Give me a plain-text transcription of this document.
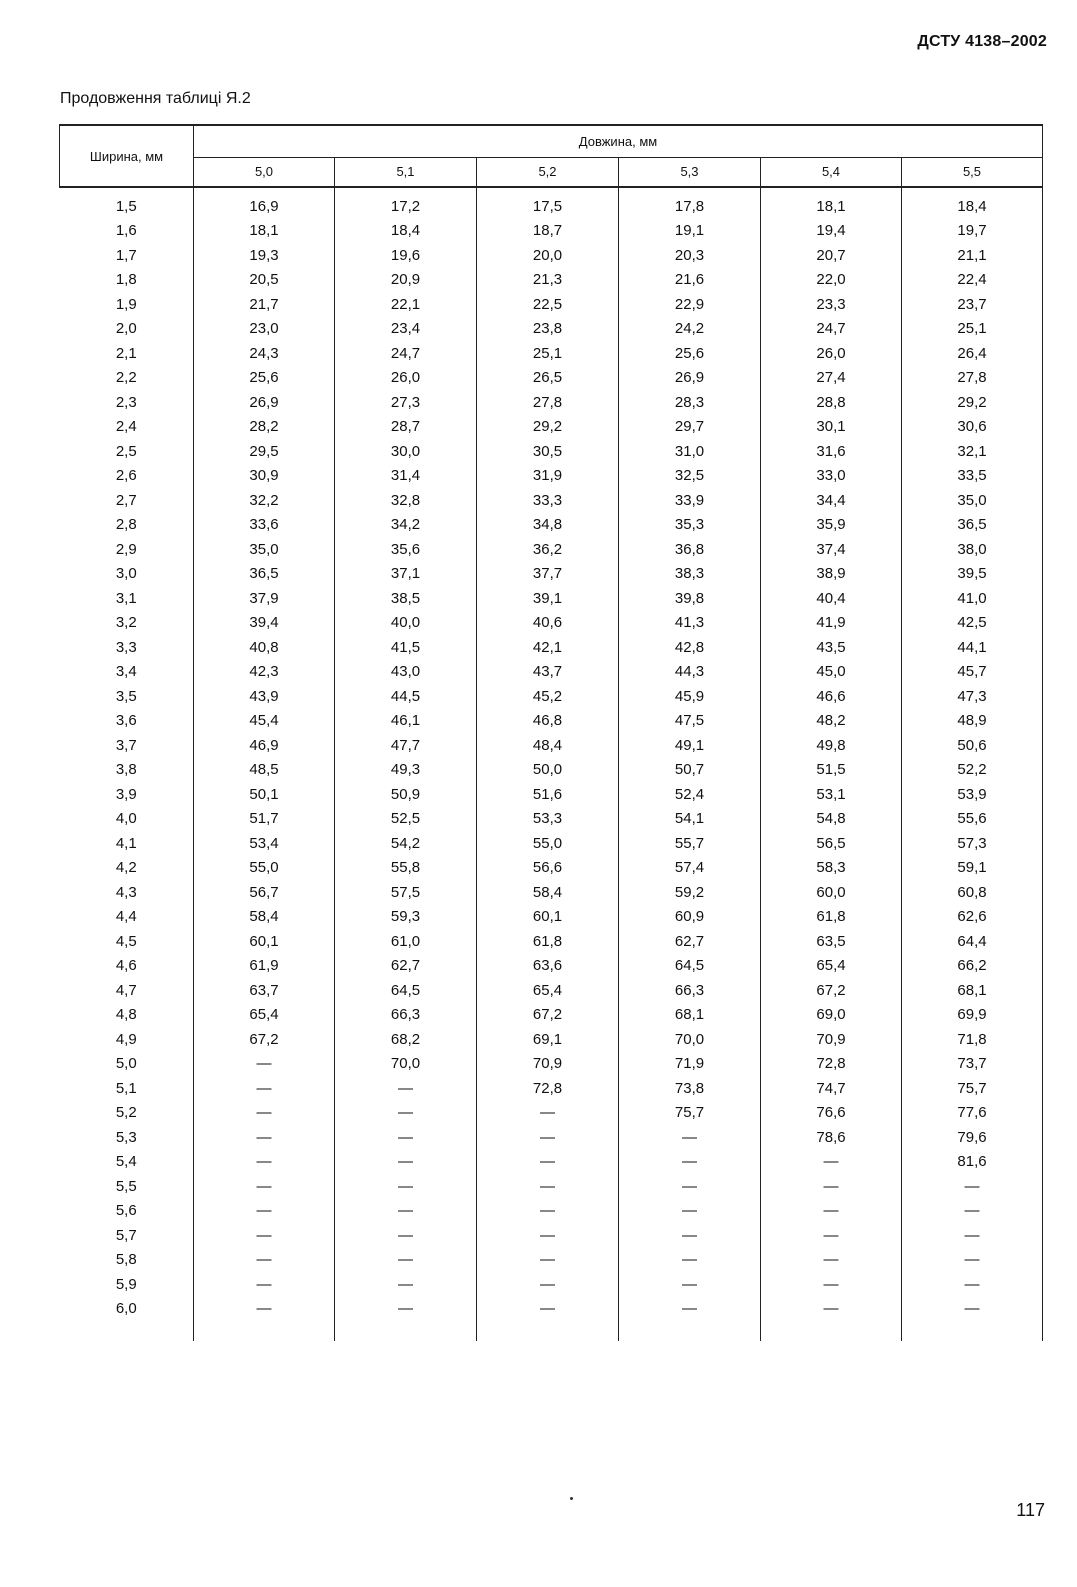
ДСТУ 4138–2002
Продовження таблиці Я.2
Ширина, мм	Довжина, мм					
	5,0	5,1	5,2	5,3	5,4	5,5
1,5	16,9	17,2	17,5	17,8	18,1	18,4
1,6	18,1	18,4	18,7	19,1	19,4	19,7
1,7	19,3	19,6	20,0	20,3	20,7	21,1
1,8	20,5	20,9	21,3	21,6	22,0	22,4
1,9	21,7	22,1	22,5	22,9	23,3	23,7
2,0	23,0	23,4	23,8	24,2	24,7	25,1
2,1	24,3	24,7	25,1	25,6	26,0	26,4
2,2	25,6	26,0	26,5	26,9	27,4	27,8
2,3	26,9	27,3	27,8	28,3	28,8	29,2
2,4	28,2	28,7	29,2	29,7	30,1	30,6
2,5	29,5	30,0	30,5	31,0	31,6	32,1
2,6	30,9	31,4	31,9	32,5	33,0	33,5
2,7	32,2	32,8	33,3	33,9	34,4	35,0
2,8	33,6	34,2	34,8	35,3	35,9	36,5
2,9	35,0	35,6	36,2	36,8	37,4	38,0
3,0	36,5	37,1	37,7	38,3	38,9	39,5
3,1	37,9	38,5	39,1	39,8	40,4	41,0
3,2	39,4	40,0	40,6	41,3	41,9	42,5
3,3	40,8	41,5	42,1	42,8	43,5	44,1
3,4	42,3	43,0	43,7	44,3	45,0	45,7
3,5	43,9	44,5	45,2	45,9	46,6	47,3
3,6	45,4	46,1	46,8	47,5	48,2	48,9
3,7	46,9	47,7	48,4	49,1	49,8	50,6
3,8	48,5	49,3	50,0	50,7	51,5	52,2
3,9	50,1	50,9	51,6	52,4	53,1	53,9
4,0	51,7	52,5	53,3	54,1	54,8	55,6
4,1	53,4	54,2	55,0	55,7	56,5	57,3
4,2	55,0	55,8	56,6	57,4	58,3	59,1
4,3	56,7	57,5	58,4	59,2	60,0	60,8
4,4	58,4	59,3	60,1	60,9	61,8	62,6
4,5	60,1	61,0	61,8	62,7	63,5	64,4
4,6	61,9	62,7	63,6	64,5	65,4	66,2
4,7	63,7	64,5	65,4	66,3	67,2	68,1
4,8	65,4	66,3	67,2	68,1	69,0	69,9
4,9	67,2	68,2	69,1	70,0	70,9	71,8
5,0	—	70,0	70,9	71,9	72,8	73,7
5,1	—	—	72,8	73,8	74,7	75,7
5,2	—	—	—	75,7	76,6	77,6
5,3	—	—	—	—	78,6	79,6
5,4	—	—	—	—	—	81,6
5,5	—	—	—	—	—	—
5,6	—	—	—	—	—	—
5,7	—	—	—	—	—	—
5,8	—	—	—	—	—	—
5,9	—	—	—	—	—	—
6,0	—	—	—	—	—	—
117
